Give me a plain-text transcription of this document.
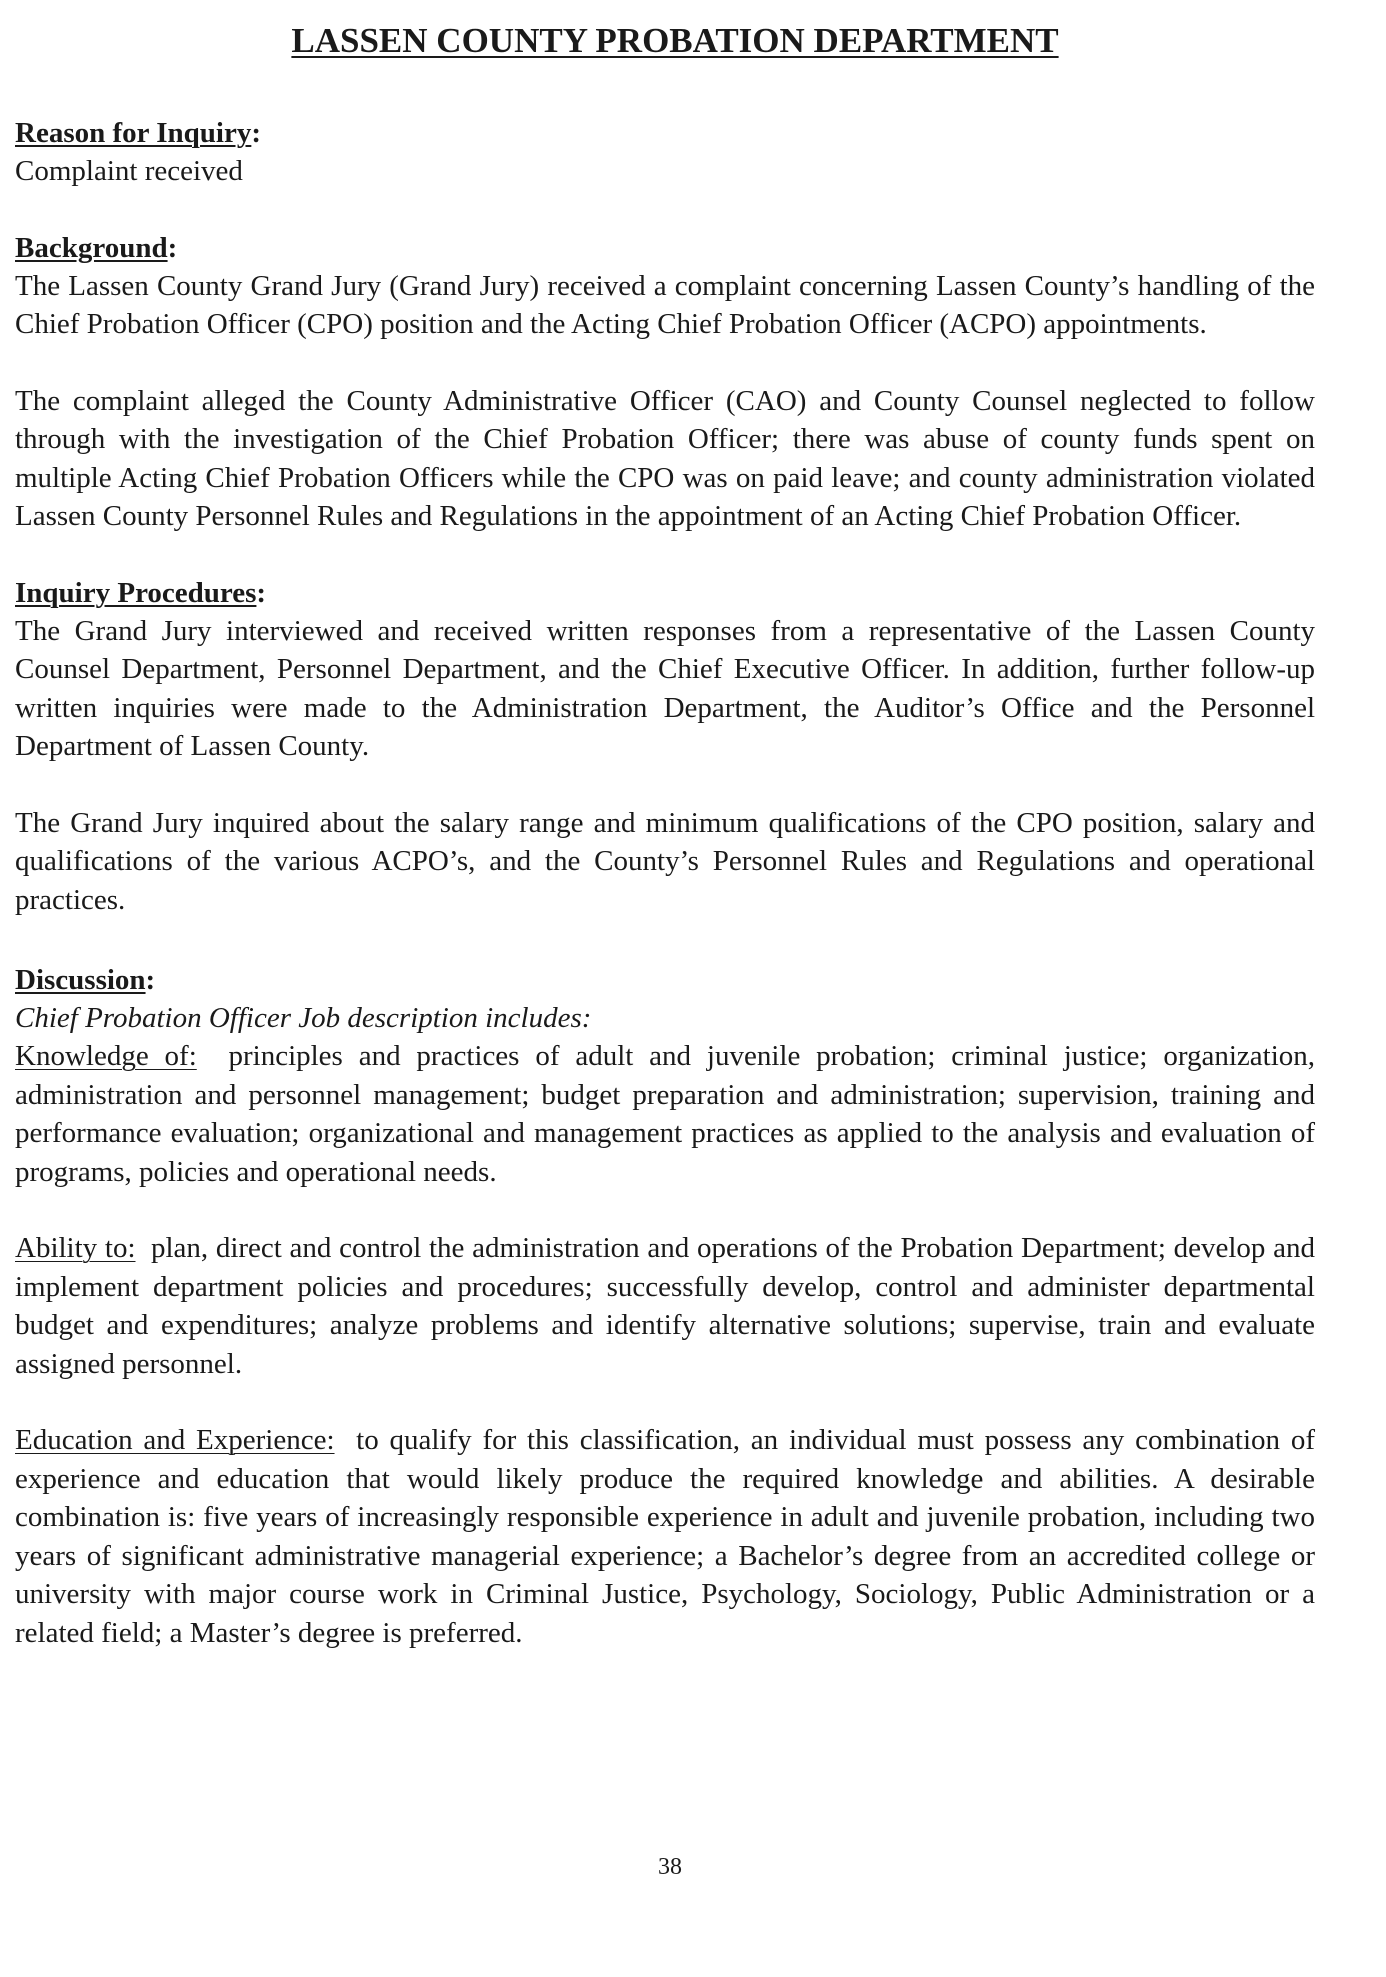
LASSEN COUNTY PROBATION DEPARTMENT
Reason for Inquiry:

Complaint received

Background:

The Lassen County Grand Jury (Grand Jury) received a complaint concerning Lassen County’s handling of the Chief Probation Officer (CPO) position and the Acting Chief Probation Officer (ACPO) appointments.

The complaint alleged the County Administrative Officer (CAO) and County Counsel neglected to follow through with the investigation of the Chief Probation Officer; there was abuse of county funds spent on multiple Acting Chief Probation Officers while the CPO was on paid leave; and county administration violated Lassen County Personnel Rules and Regulations in the appointment of an Acting Chief Probation Officer.

Inquiry Procedures:

The Grand Jury interviewed and received written responses from a representative of the Lassen County Counsel Department, Personnel Department, and the Chief Executive Officer. In addition, further follow-up written inquiries were made to the Administration Department, the Auditor’s Office and the Personnel Department of Lassen County.

The Grand Jury inquired about the salary range and minimum qualifications of the CPO position, salary and qualifications of the various ACPO’s, and the County’s Personnel Rules and Regulations and operational practices.

Discussion:
Chief Probation Officer Job description includes:

Knowledge of: principles and practices of adult and juvenile probation; criminal justice; organization, administration and personnel management; budget preparation and administration; supervision, training and performance evaluation; organizational and management practices as applied to the analysis and evaluation of programs, policies and operational needs.

Ability to: plan, direct and control the administration and operations of the Probation Department; develop and implement department policies and procedures; successfully develop, control and administer departmental budget and expenditures; analyze problems and identify alternative solutions; supervise, train and evaluate assigned personnel.

Education and Experience: to qualify for this classification, an individual must possess any combination of experience and education that would likely produce the required knowledge and abilities. A desirable combination is: five years of increasingly responsible experience in adult and juvenile probation, including two years of significant administrative managerial experience; a Bachelor’s degree from an accredited college or university with major course work in Criminal Justice, Psychology, Sociology, Public Administration or a related field; a Master’s degree is preferred.

38
